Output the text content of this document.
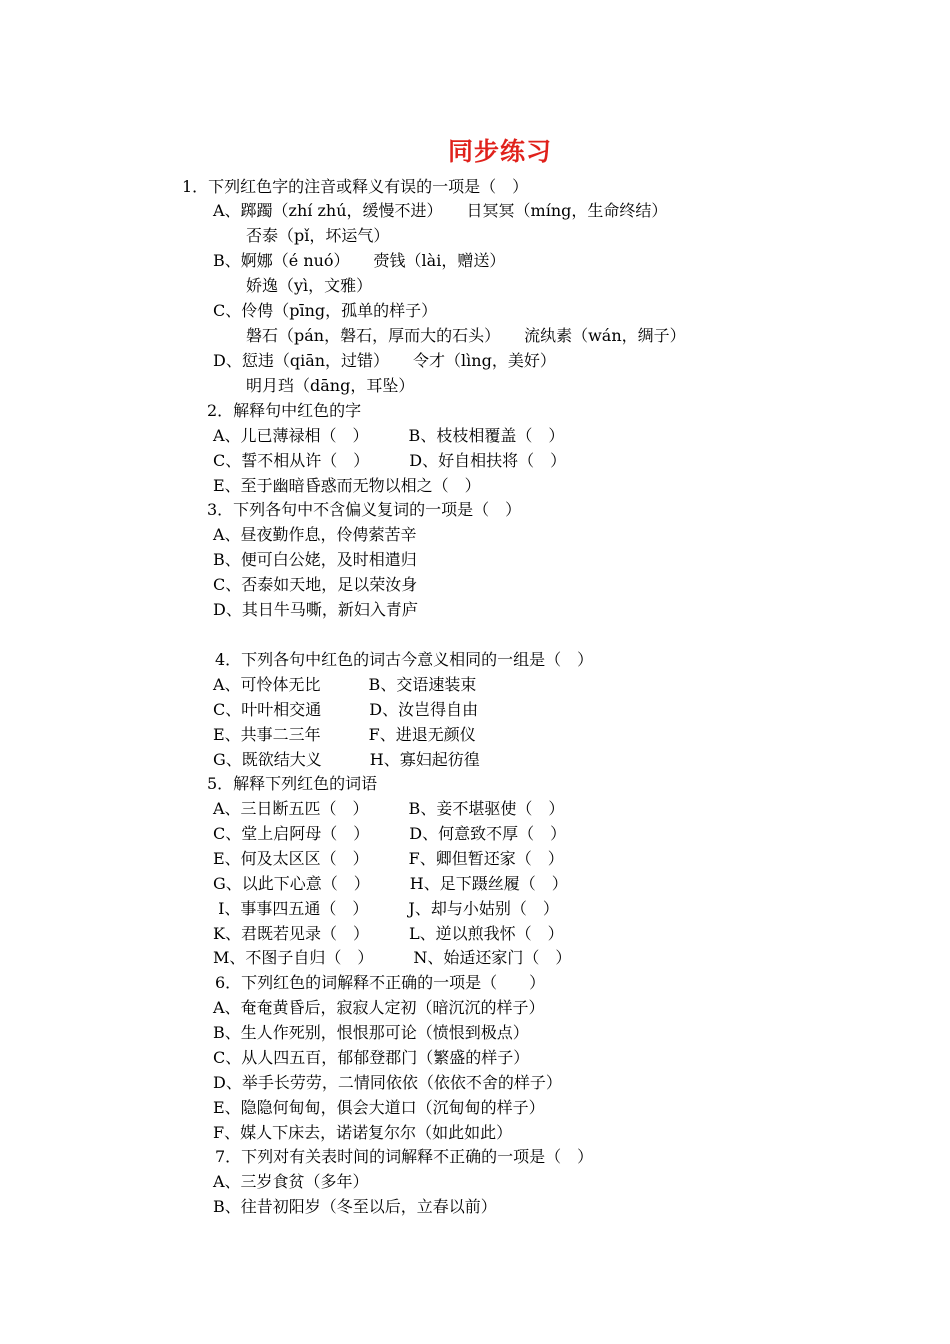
同步练习
1．下列红色字的注音或释义有误的一项是（　）
A、踯躅（zhí zhú，缓慢不进）　　日冥冥（míng，生命终结）
否泰（pǐ，坏运气）
B、婀娜（é nuó）　　赍钱（lài，赠送）
娇逸（yì，文雅）
C、伶俜（pīng，孤单的样子）
磐石（pán，磐石，厚而大的石头）　　流纨素（wán，绸子）
D、愆违（qiān，过错）　　令才（lìng，美好）
明月珰（dāng，耳坠）
2．解释句中红色的字
A、儿已薄禄相（　）　　　B、枝枝相覆盖（　）
C、誓不相从许（　）　　　D、好自相扶将（　）
E、至于幽暗昏惑而无物以相之（　）
3．下列各句中不含偏义复词的一项是（　）
A、昼夜勤作息，伶俜萦苦辛
B、便可白公姥，及时相遣归
C、否泰如天地，足以荣汝身
D、其日牛马嘶，新妇入青庐
4．下列各句中红色的词古今意义相同的一组是（　）
A、可怜体无比　　　B、交语速装束
C、叶叶相交通　　　D、汝岂得自由
E、共事二三年　　　F、进退无颜仪
G、既欲结大义　　　H、寡妇起彷徨
5．解释下列红色的词语
A、三日断五匹（　）　　　B、妾不堪驱使（　）
C、堂上启阿母（　）　　　D、何意致不厚（　）
E、何及太区区（　）　　　F、卿但暂还家（　）
G、以此下心意（　）　　　H、足下蹑丝履（　）
I、事事四五通（　）　　　J、却与小姑别（　）
K、君既若见录（　）　　　L、逆以煎我怀（　）
M、不图子自归（　）　　　N、始适还家门（　）
6．下列红色的词解释不正确的一项是（　　）
A、奄奄黄昏后，寂寂人定初（暗沉沉的样子）
B、生人作死别，恨恨那可论（愤恨到极点）
C、从人四五百，郁郁登郡门（繁盛的样子）
D、举手长劳劳，二情同依依（依依不舍的样子）
E、隐隐何甸甸，俱会大道口（沉甸甸的样子）
F、媒人下床去，诺诺复尔尔（如此如此）
7．下列对有关表时间的词解释不正确的一项是（　）
A、三岁食贫（多年）
B、往昔初阳岁（冬至以后，立春以前）
